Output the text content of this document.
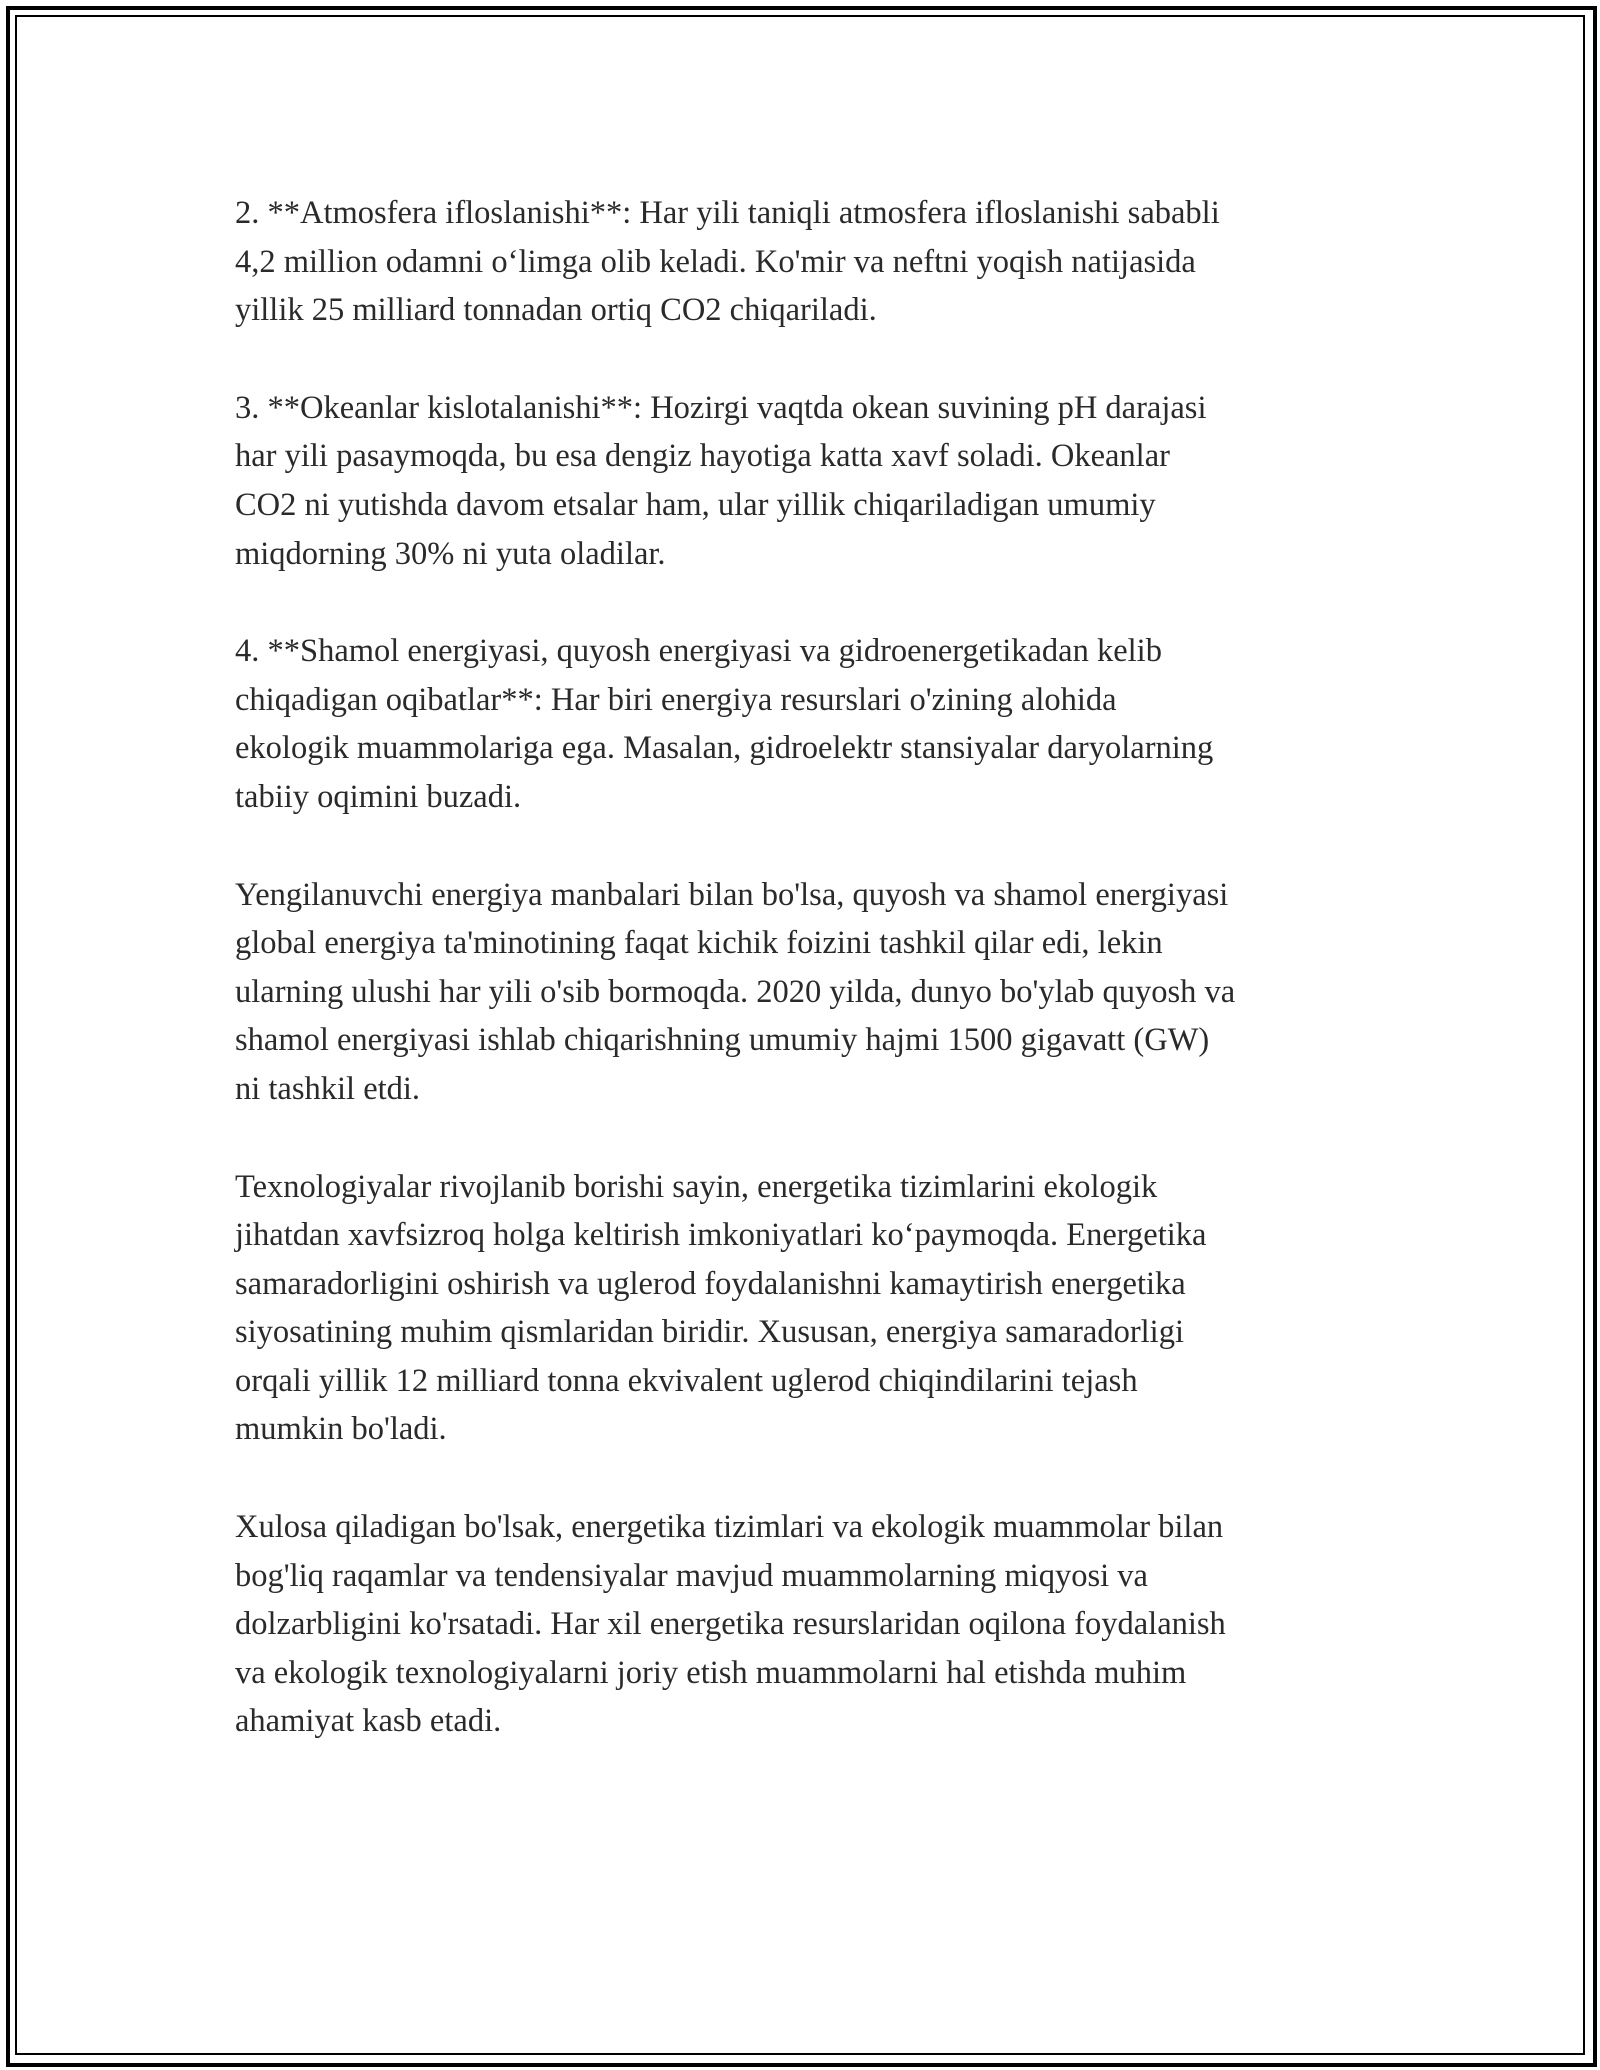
2. **Atmosfera ifloslanishi**: Har yili taniqli atmosfera ifloslanishi sababli
4,2 million odamni o‘limga olib keladi. Ko'mir va neftni yoqish natijasida
yillik 25 milliard tonnadan ortiq CO2 chiqariladi.

3. **Okeanlar kislotalanishi**: Hozirgi vaqtda okean suvining pH darajasi
har yili pasaymoqda, bu esa dengiz hayotiga katta xavf soladi. Okeanlar
CO2 ni yutishda davom etsalar ham, ular yillik chiqariladigan umumiy
miqdorning 30% ni yuta oladilar.

4. **Shamol energiyasi, quyosh energiyasi va gidroenergetikadan kelib
chiqadigan oqibatlar**: Har biri energiya resurslari o'zining alohida
ekologik muammolariga ega. Masalan, gidroelektr stansiyalar daryolarning
tabiiy oqimini buzadi.

Yengilanuvchi energiya manbalari bilan bo'lsa, quyosh va shamol energiyasi
global energiya ta'minotining faqat kichik foizini tashkil qilar edi, lekin
ularning ulushi har yili o'sib bormoqda. 2020 yilda, dunyo bo'ylab quyosh va
shamol energiyasi ishlab chiqarishning umumiy hajmi 1500 gigavatt (GW)
ni tashkil etdi.

Texnologiyalar rivojlanib borishi sayin, energetika tizimlarini ekologik
jihatdan xavfsizroq holga keltirish imkoniyatlari ko‘paymoqda. Energetika
samaradorligini oshirish va uglerod foydalanishni kamaytirish energetika
siyosatining muhim qismlaridan biridir. Xususan, energiya samaradorligi
orqali yillik 12 milliard tonna ekvivalent uglerod chiqindilarini tejash
mumkin bo'ladi.

Xulosa qiladigan bo'lsak, energetika tizimlari va ekologik muammolar bilan
bog'liq raqamlar va tendensiyalar mavjud muammolarning miqyosi va
dolzarbligini ko'rsatadi. Har xil energetika resurslaridan oqilona foydalanish
va ekologik texnologiyalarni joriy etish muammolarni hal etishda muhim
ahamiyat kasb etadi.
